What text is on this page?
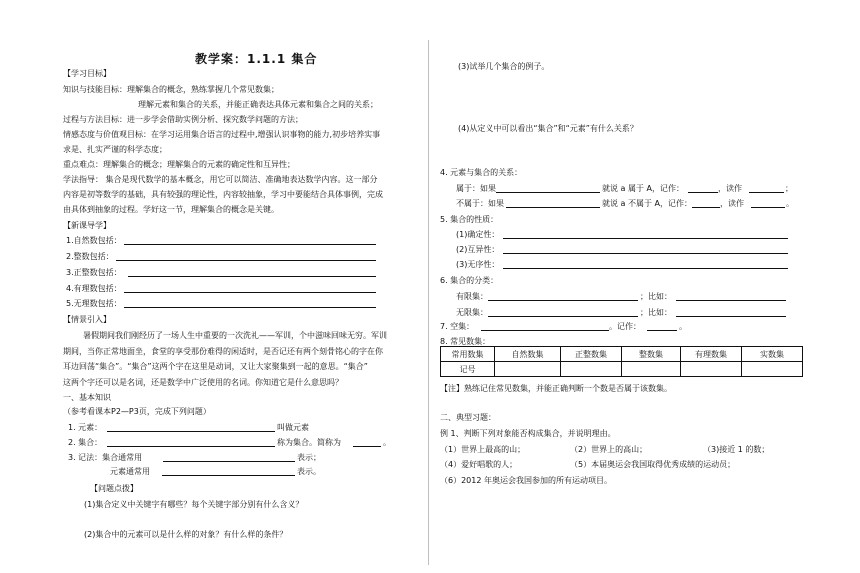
教学案：1.1.1 集合
【学习目标】
知识与技能目标：理解集合的概念，熟练掌握几个常见数集；
理解元素和集合的关系，并能正确表达具体元素和集合之间的关系；
过程与方法目标：进一步学会借助实例分析、探究数学问题的方法；
情感态度与价值观目标：在学习运用集合语言的过程中,增强认识事物的能力,初步培养实事
求是、扎实严谨的科学态度；
重点难点：理解集合的概念；理解集合的元素的确定性和互异性；
学法指导： 集合是现代数学的基本概念，用它可以简洁、准确地表达数学内容。这一部分
内容是初等数学的基础，具有较强的理论性，内容较抽象，学习中要能结合具体事例，完成
由具体到抽象的过程。学好这一节，理解集合的概念是关键。
【新课导学】
1.自然数包括：
2.整数包括：
3.正整数包括：
4.有理数包括：
5.无理数包括：
【情景引入】
暑假期间我们刚经历了一场人生中重要的一次洗礼——军训，个中滋味回味无穷。军训
期间，当你正常地面坐，食堂的享受那份难得的闲适时，是否记还有两个刻骨铭心的字在你
耳边回荡“集合”。“集合”这两个字在这里是动词，又让大家聚集到一起的意思。“集合”
这两个字还可以是名词，还是数学中广泛使用的名词。你知道它是什么意思吗？
一、基本知识
（参考看课本P2—P3页，完成下列问题）
1. 元素：	叫做元素
2. 集合：	称为集合。简称为	。
3. 记法：集合通常用	表示；
元素通常用	表示。
【问题点拨】
(1)集合定义中关键字有哪些？每个关键字部分别有什么含义？
(2)集合中的元素可以是什么样的对象？有什么样的条件？
(3)试举几个集合的例子。
(4)从定义中可以看出“集合”和“元素”有什么关系？
4. 元素与集合的关系：
属于：如果	就说 a 属于 A，记作：	，读作	；
不属于：如果	就说 a 不属于 A，记作：	，读作	。
5. 集合的性质：
(1)确定性：
(2)互异性：
(3)无序性：
6. 集合的分类：
有限集：	；比如：
无限集：	；比如：
7. 空集：	。记作：	。
8. 常见数集：
常用数集	自然数集	正整数集	整数集	有理数集	实数集
记号					
【注】熟练记住常见数集，并能正确判断一个数是否属于该数集。
二、典型习题：
例 1、判断下列对象能否构成集合，并说明理由。
（1）世界上最高的山；	（2）世界上的高山；	（3)接近 1 的数；
（4）爱好唱歌的人；	（5）本届奥运会我国取得优秀成绩的运动员；
（6）2012 年奥运会我国参加的所有运动项目。
